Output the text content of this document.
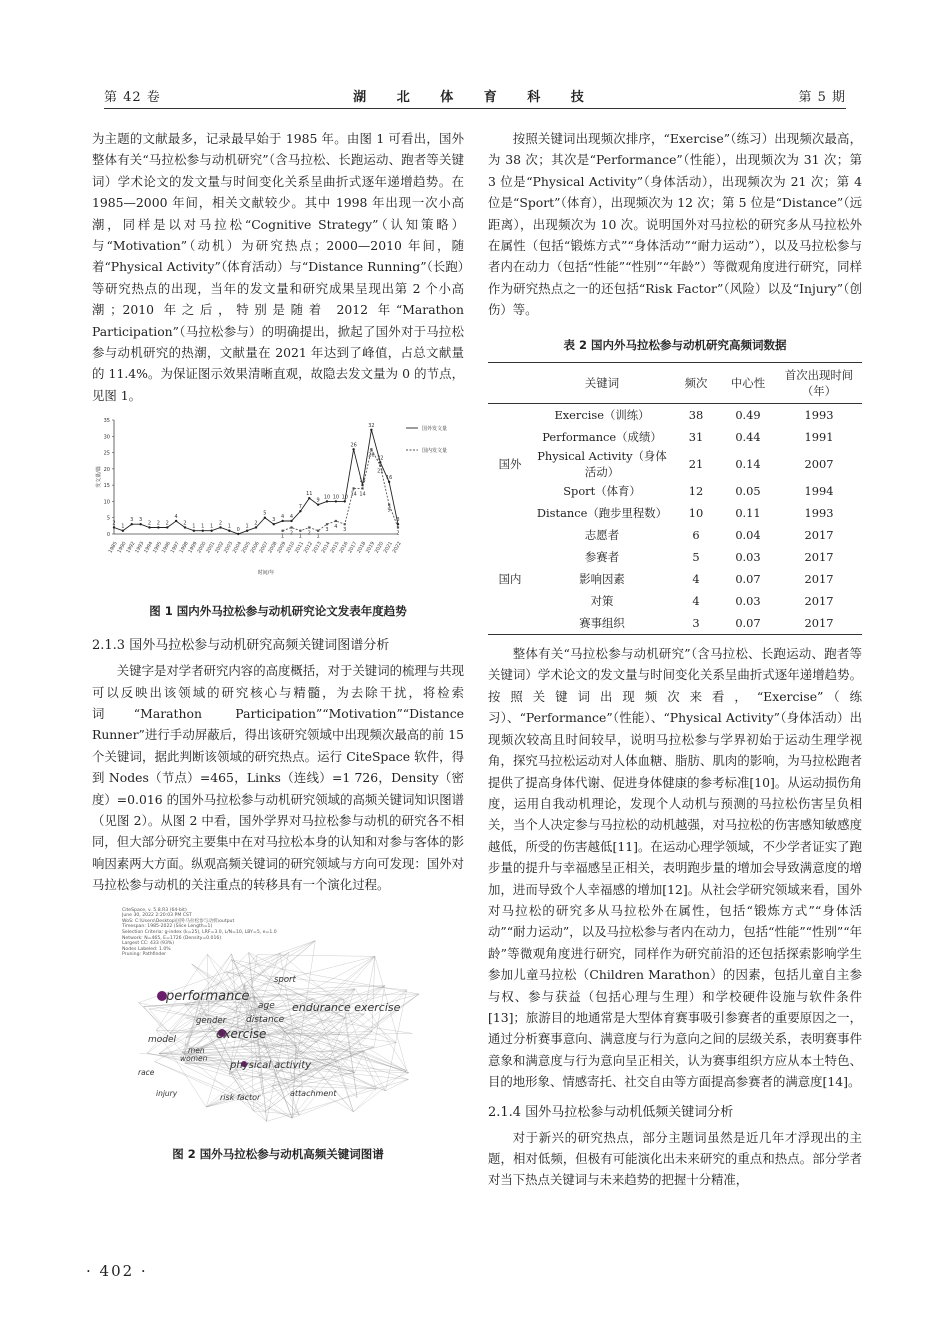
第 42 卷	湖 北 体 育 科 技	第 5 期

为主题的文献最多，记录最早始于 1985 年。由图 1 可看出，国外整体有关“马拉松参与动机研究”（含马拉松、长跑运动、跑者等关键词）学术论文的发文量与时间变化关系呈曲折式逐年递增趋势。在 1985—2000 年间，相关文献较少。其中 1998 年出现一次小高潮，同样是以对马拉松“Cognitive Strategy”（认知策略）与“Motivation”（动机）为研究热点；2000—2010 年间，随着“Physical Activity”（体育活动）与“Distance Running”（长跑）等研究热点的出现，当年的发文量和研究成果呈现出第 2 个小高潮；2010 年之后，特别是随着 2012 年“Marathon Participation”（马拉松参与）的明确提出，掀起了国外对于马拉松参与动机研究的热潮，文献量在 2021 年达到了峰值，占总文献量的 11.4%。为保证图示效果清晰直观，故隐去发文量为 0 的节点，见图 1。

0
5
10
15
20
25
30
35
1985
1990
1992
1993
1994
1995
1996
1997
1998
1999
2000
2001
2002
2003
2004
2005
2006
2007
2008
2009
2010
2011
2012
2013
2014
2015
2016
2017
2018
2019
2020
2021
2022
发文量/篇
时间/年
2
1
3 3
2 2 2
4
2
1 1 1
2
1
0
1
2
5
3
4 4
7
11
9
10 10 10
26
15
32
22
16
3
1
2
1
2
1
3
4
3
14 14
26
21
9
2
国外发文量
国内发文量
图 1 国内外马拉松参与动机研究论文发表年度趋势
2.1.3 国外马拉松参与动机研究高频关键词图谱分析

关键字是对学者研究内容的高度概括，对于关键词的梳理与共现可以反映出该领域的研究核心与精髓，为去除干扰，将检索词“Marathon Participation”“Motivation”“Distance Runner”进行手动屏蔽后，得出该研究领域中出现频次最高的前 15 个关键词，据此判断该领域的研究热点。运行 CiteSpace 软件，得到 Nodes（节点）=465，Links（连线）=1 726，Density（密度）=0.016 的国外马拉松参与动机研究领域的高频关键词知识图谱（见图 2）。从图 2 中看，国外学界对马拉松参与动机的研究各不相同，但大部分研究主要集中在对马拉松本身的认知和对参与客体的影响因素两大方面。纵观高频关键词的研究领域与方向可发现：国外对马拉松参与动机的关注重点的转移具有一个演化过程。

performance
sport
age endurance exercise
gender distance
model	exercise
men
women
physical activity
race
injury	risk factor	attachment
CiteSpace, v. 5.8.R3 (64-bit)
June 30, 2022 2:20:03 PM CST
WoS: C:\Users\Desktop\国外马拉松参与动机\output
Timespan: 1985-2022 (Slice Length=1)
Selection Criteria: g-index (k=25), LRF=3.0, L/N=10, LBY=5, e=1.0
Network: N=465, E=1726 (Density=0.016)
Largest CC: 433 (93%)
Nodes Labeled: 1.0%
Pruning: Pathfinder
图 2 国外马拉松参与动机高频关键词图谱

按照关键词出现频次排序，“Exercise”（练习）出现频次最高，为 38 次；其次是“Performance”（性能），出现频次为 31 次；第 3 位是“Physical Activity”（身体活动），出现频次为 21 次；第 4 位是“Sport”（体育），出现频次为 12 次；第 5 位是“Distance”（远距离），出现频次为 10 次。说明国外对马拉松的研究多从马拉松外在属性（包括“锻炼方式”“身体活动”“耐力运动”），以及马拉松参与者内在动力（包括“性能”“性别”“年龄”）等微观角度进行研究，同样作为研究热点之一的还包括“Risk Factor”（风险）以及“Injury”（创伤）等。

表 2 国内外马拉松参与动机研究高频词数据
	关键词	频次	中心性	首次出现时间（年）
国外	Exercise（训练）	38	0.49	1993
	Performance（成绩）	31	0.44	1991
	Physical Activity（身体活动）	21	0.14	2007
	Sport（体育）	12	0.05	1994
	Distance（跑步里程数）	10	0.11	1993
国内	志愿者	6	0.04	2017
	参赛者	5	0.03	2017
	影响因素	4	0.07	2017
	对策	4	0.03	2017
	赛事组织	3	0.07	2017

整体有关“马拉松参与动机研究”（含马拉松、长跑运动、跑者等关键词）学术论文的发文量与时间变化关系呈曲折式逐年递增趋势。按照关键词出现频次来看，“Exercise”（练习）、“Performance”（性能）、“Physical Activity”（身体活动）出现频次较高且时间较早，说明马拉松参与学界初始于运动生理学视角，探究马拉松运动对人体血糖、脂肪、肌肉的影响，为马拉松跑者提供了提高身体代谢、促进身体健康的参考标准[10]。从运动损伤角度，运用自我动机理论，发现个人动机与预测的马拉松伤害呈负相关，当个人决定参与马拉松的动机越强，对马拉松的伤害感知敏感度越低，所受的伤害越低[11]。在运动心理学领域，不少学者证实了跑步量的提升与幸福感呈正相关，表明跑步量的增加会导致满意度的增加，进而导致个人幸福感的增加[12]。从社会学研究领域来看，国外对马拉松的研究多从马拉松外在属性，包括“锻炼方式”“身体活动”“耐力运动”，以及马拉松参与者内在动力，包括“性能”“性别”“年龄”等微观角度进行研究，同样作为研究前沿的还包括探索影响学生参加儿童马拉松（Children Marathon）的因素，包括儿童自主参与权、参与获益（包括心理与生理）和学校硬件设施与软件条件[13]；旅游目的地通常是大型体育赛事吸引参赛者的重要原因之一，通过分析赛事意向、满意度与行为意向之间的层级关系，表明赛事件意象和满意度与行为意向呈正相关，认为赛事组织方应从本土特色、目的地形象、情感寄托、社交自由等方面提高参赛者的满意度[14]。

2.1.4 国外马拉松参与动机低频关键词分析

对于新兴的研究热点，部分主题词虽然是近几年才浮现出的主题，相对低频，但极有可能演化出未来研究的重点和热点。部分学者对当下热点关键词与未来趋势的把握十分精准，

· 402 ·
